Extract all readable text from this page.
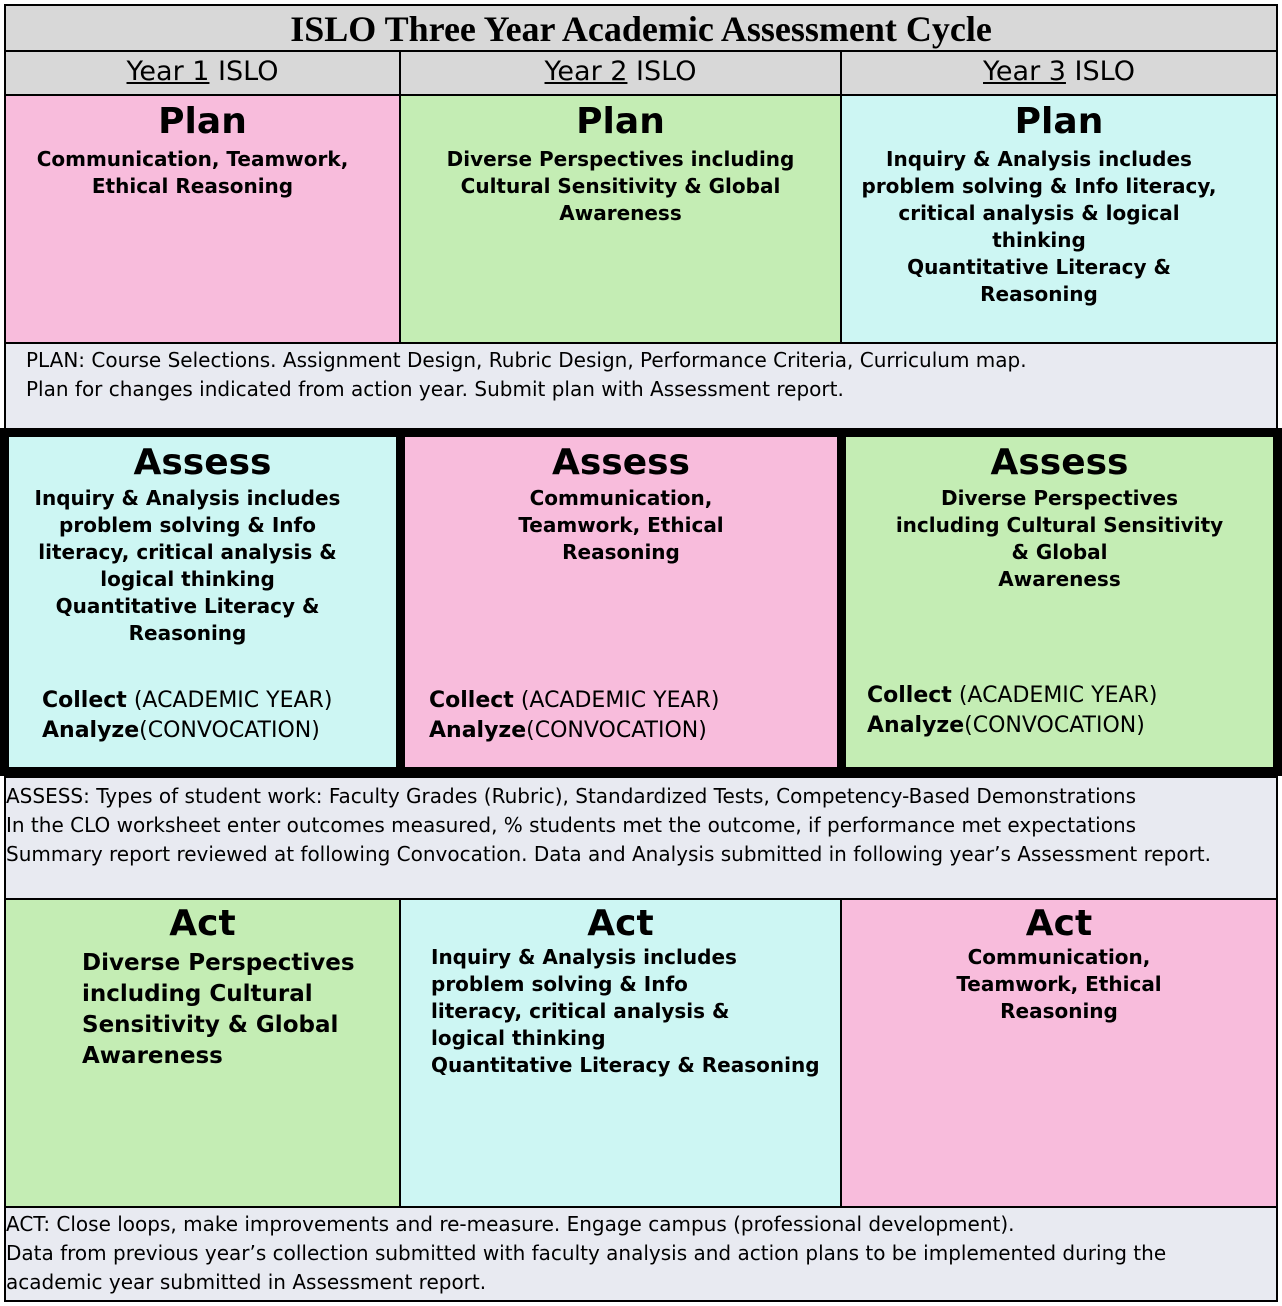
ISLO Three Year Academic Assessment Cycle
Year 1 ISLO	Year 2 ISLO	Year 3 ISLO
Plan
Communication, Teamwork,
Ethical Reasoning
Plan
Diverse Perspectives including
Cultural Sensitivity & Global
Awareness
Plan
Inquiry & Analysis includes
problem solving & Info literacy,
critical analysis & logical
thinking
Quantitative Literacy &
Reasoning
PLAN: Course Selections. Assignment Design, Rubric Design, Performance Criteria, Curriculum map.
Plan for changes indicated from action year. Submit plan with Assessment report.
Assess
Inquiry & Analysis includes
problem solving & Info
literacy, critical analysis &
logical thinking
Quantitative Literacy &
Reasoning
Collect (ACADEMIC YEAR)
Analyze(CONVOCATION)
Assess
Communication,
Teamwork, Ethical
Reasoning
Collect (ACADEMIC YEAR)
Analyze(CONVOCATION)
Assess
Diverse Perspectives
including Cultural Sensitivity
& Global
Awareness
Collect (ACADEMIC YEAR)
Analyze(CONVOCATION)
ASSESS: Types of student work: Faculty Grades (Rubric), Standardized Tests, Competency-Based Demonstrations
In the CLO worksheet enter outcomes measured, % students met the outcome, if performance met expectations
Summary report reviewed at following Convocation. Data and Analysis submitted in following year’s Assessment report.
Act
Diverse Perspectives
including Cultural
Sensitivity & Global
Awareness
Act
Inquiry & Analysis includes
problem solving & Info
literacy, critical analysis &
logical thinking
Quantitative Literacy & Reasoning
Act
Communication,
Teamwork, Ethical
Reasoning
ACT: Close loops, make improvements and re-measure. Engage campus (professional development).
Data from previous year’s collection submitted with faculty analysis and action plans to be implemented during the
academic year submitted in Assessment report.
